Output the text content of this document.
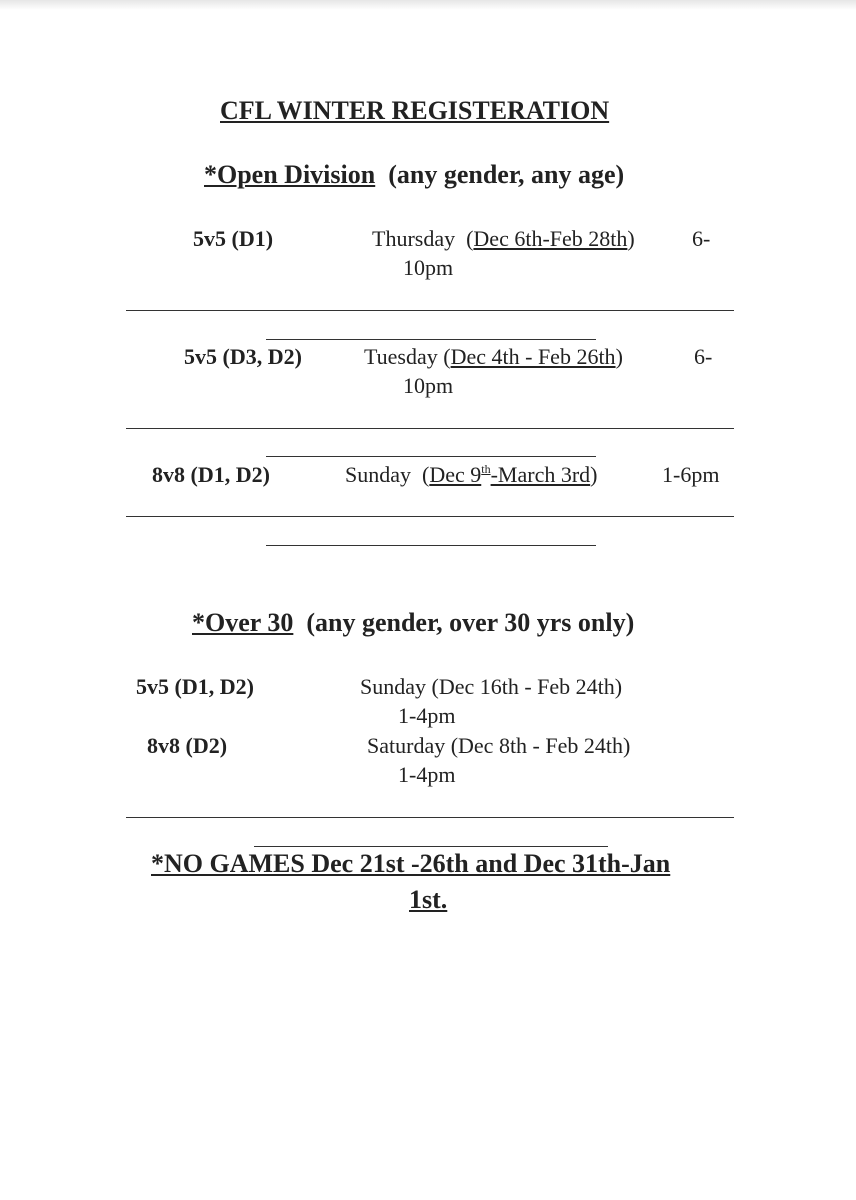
CFL WINTER REGISTERATION
*Open Division (any gender, any age)
5v5 (D1)	Thursday (Dec 6th-Feb 28th)	6-
10pm
5v5 (D3, D2)	Tuesday (Dec 4th - Feb 26th)	6-
10pm
8v8 (D1, D2)	Sunday (Dec 9th-March 3rd)	1-6pm
*Over 30 (any gender, over 30 yrs only)
5v5 (D1, D2)	Sunday (Dec 16th - Feb 24th)
1-4pm
8v8 (D2)	Saturday (Dec 8th - Feb 24th)
1-4pm
*NO GAMES Dec 21st -26th and Dec 31th-Jan
1st.
